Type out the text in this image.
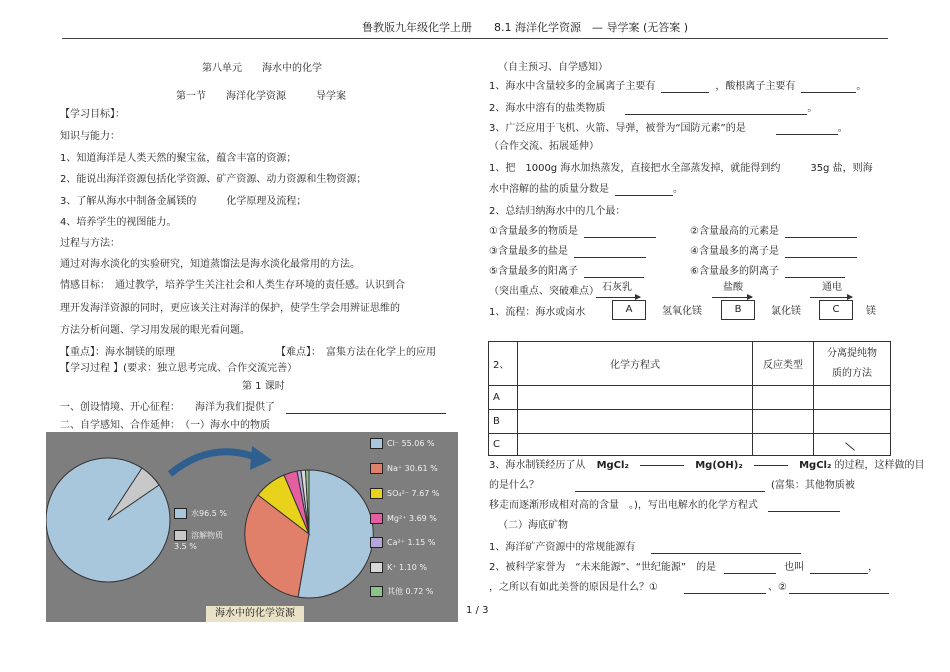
鲁教版九年级化学上册　　8.1 海洋化学资源　— 导学案 (无答案 )
第八单元　　海水中的化学
第一节　　海洋化学资源　　　导学案
【学习目标】：
知识与能力：
1、知道海洋是人类天然的聚宝盆，蕴含丰富的资源；
2、能说出海洋资源包括化学资源、矿产资源、动力资源和生物资源；
3、了解从海水中制备金属镁的　　　化学原理及流程；
4、培养学生的视图能力。
过程与方法：
通过对海水淡化的实验研究，知道蒸馏法是海水淡化最常用的方法。
情感目标：　通过教学，培养学生关注社会和人类生存环境的责任感。认识到合
理开发海洋资源的同时，更应该关注对海洋的保护，使学生学会用辨证思维的
方法分析问题、学习用发展的眼光看问题。
【重点】：海水制镁的原理	【难点】：　富集方法在化学上的应用
【学习过程 】(要求：独立思考完成、合作交流完善）
第 1 课时
一、创设情境、开心征程：　　海洋为我们提供了
二、自学感知、合作延伸：　（一）海水中的物质
水96.5 %
溶解物质
3.5 %
Cl⁻ 55.06 %
Na⁺ 30.61 %
SO₄²⁻ 7.67 %
Mg²⁺ 3.69 %
Ca²⁺ 1.15 %
K⁺ 1.10 %
其他 0.72 %
海水中的化学资源
（自主预习、自学感知）
1、海水中含量较多的金属离子主要有	，酸根离子主要有	。
2、海水中溶有的盐类物质	。
3、广泛应用于飞机、火箭、导弹，被誉为“国防元素”的是	。
（合作交流、拓展延伸）
1、把　1000g 海水加热蒸发，直接把水全部蒸发掉，就能得到约　　　35g 盐，则海
水中溶解的盐的质量分数是	。
2、总结归纳海水中的几个最：
①含量最多的物质是	②含量最高的元素是
③含量最多的盐是	④含量最多的离子是
⑤含量最多的阳离子	⑥含量最多的阴离子
（突出重点、突破难点） 石灰乳	盐酸	通电
1、流程：海水或卤水	A	氢氧化镁	B	氯化镁	C	镁
2、	化学方程式	反应类型	分离提纯物
质的方法

A			
B			
C			
3、海水制镁经历了从 MgCl₂	Mg(OH)₂	MgCl₂ 的过程，这样做的目
的是什么？	(富集：其他物质被
移走而逐渐形成相对高的含量　。)，写出电解水的化学方程式
（二）海底矿物
1、海洋矿产资源中的常规能源有
2、被科学家誉为　“未来能源”、“世纪能源”　的是	也叫	，
，之所以有如此美誉的原因是什么？①	、②
1 / 3
